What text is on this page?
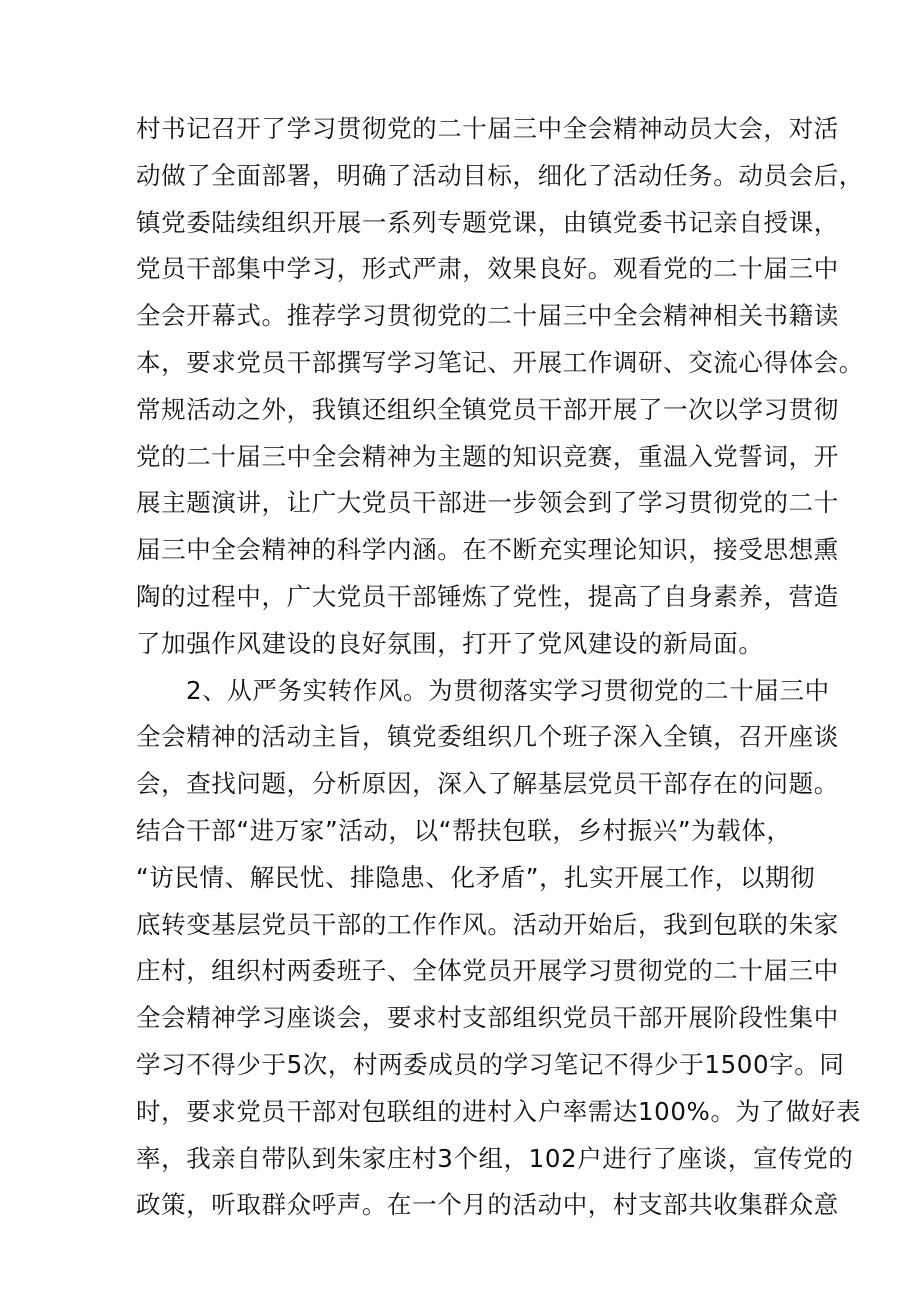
村书记召开了学习贯彻党的二十届三中全会精神动员大会，对活
动做了全面部署，明确了活动目标，细化了活动任务。动员会后，
镇党委陆续组织开展一系列专题党课，由镇党委书记亲自授课，
党员干部集中学习，形式严肃，效果良好。观看党的二十届三中
全会开幕式。推荐学习贯彻党的二十届三中全会精神相关书籍读
本，要求党员干部撰写学习笔记、开展工作调研、交流心得体会。
常规活动之外，我镇还组织全镇党员干部开展了一次以学习贯彻
党的二十届三中全会精神为主题的知识竞赛，重温入党誓词，开
展主题演讲，让广大党员干部进一步领会到了学习贯彻党的二十
届三中全会精神的科学内涵。在不断充实理论知识，接受思想熏
陶的过程中，广大党员干部锤炼了党性，提高了自身素养，营造
了加强作风建设的良好氛围，打开了党风建设的新局面。
2、从严务实转作风。为贯彻落实学习贯彻党的二十届三中
全会精神的活动主旨，镇党委组织几个班子深入全镇，召开座谈
会，查找问题，分析原因，深入了解基层党员干部存在的问题。
结合干部“进万家”活动，以“帮扶包联，乡村振兴”为载体，
“访民情、解民忧、排隐患、化矛盾”，扎实开展工作，以期彻
底转变基层党员干部的工作作风。活动开始后，我到包联的朱家
庄村，组织村两委班子、全体党员开展学习贯彻党的二十届三中
全会精神学习座谈会，要求村支部组织党员干部开展阶段性集中
学习不得少于5次，村两委成员的学习笔记不得少于1500字。同
时，要求党员干部对包联组的进村入户率需达100%。为了做好表
率，我亲自带队到朱家庄村3个组，102户进行了座谈，宣传党的
政策，听取群众呼声。在一个月的活动中，村支部共收集群众意
